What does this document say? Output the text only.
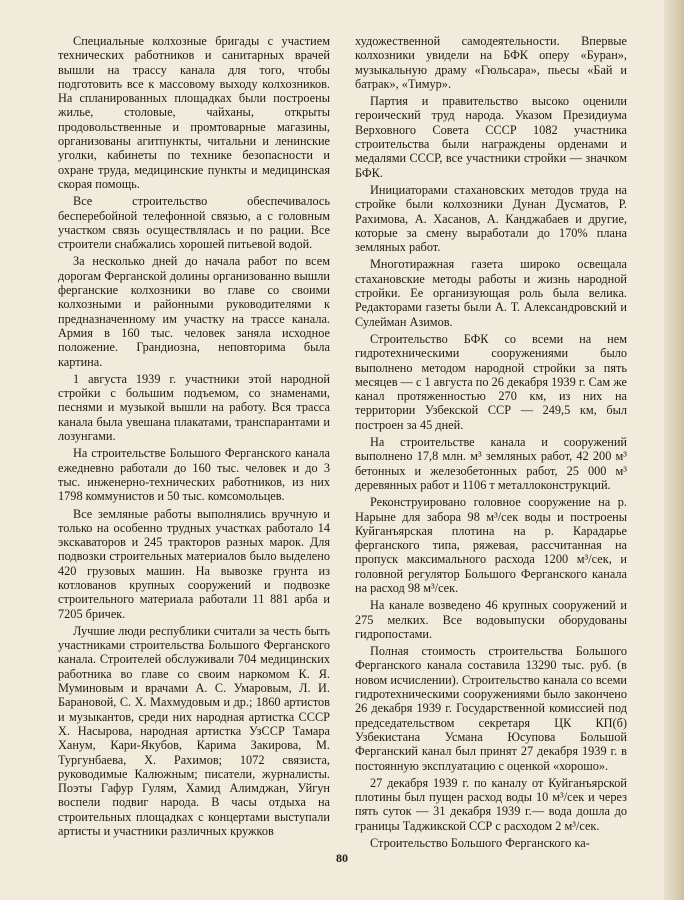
Специальные колхозные бригады с участием технических работников и санитарных врачей вышли на трассу канала для того, чтобы подготовить все к массовому выходу колхозников. На спланированных площадках были построены жилье, столовые, чайханы, открыты продовольственные и промтоварные магазины, организованы агитпункты, читальни и ленинские уголки, кабинеты по технике безопасности и охране труда, медицинские пункты и медицинская скорая помощь.

Все строительство обеспечивалось бесперебойной телефонной связью, а с головным участком связь осуществлялась и по рации. Все строители снабжались хорошей питьевой водой.

За несколько дней до начала работ по всем дорогам Ферганской долины организованно вышли ферганские колхозники во главе со своими колхозными и районными руководителями к предназначенному им участку на трассе канала. Армия в 160 тыс. человек заняла исходное положение. Грандиозна, неповторима была картина.

1 августа 1939 г. участники этой народной стройки с большим подъемом, со знаменами, песнями и музыкой вышли на работу. Вся трасса канала была увешана плакатами, транспарантами и лозунгами.

На строительстве Большого Ферганского канала ежедневно работали до 160 тыс. человек и до 3 тыс. инженерно-технических работников, из них 1798 коммунистов и 50 тыс. комсомольцев.

Все земляные работы выполнялись вручную и только на особенно трудных участках работало 14 экскаваторов и 245 тракторов разных марок. Для подвозки строительных материалов было выделено 420 грузовых машин. На вывозке грунта из котлованов крупных сооружений и подвозке строительного материала работали 11 881 арба и 7205 бричек.

Лучшие люди республики считали за честь быть участниками строительства Большого Ферганского канала. Строителей обслуживали 704 медицинских работника во главе со своим наркомом К. Я. Муминовым и врачами А. С. Умаровым, Л. И. Барановой, С. Х. Махмудовым и др.; 1860 артистов и музыкантов, среди них народная артистка СССР Х. Насырова, народная артистка УзССР Тамара Ханум, Кари-Якубов, Карима Закирова, М. Тургунбаева, Х. Рахимов; 1072 связиста, руководимые Калюжным; писатели, журналисты. Поэты Гафур Гулям, Хамид Алимджан, Уйгун воспели подвиг народа. В часы отдыха на строительных площадках с концертами выступали артисты и участники различных кружков

художественной самодеятельности. Впервые колхозники увидели на БФК оперу «Буран», музыкальную драму «Гюльсара», пьесы «Бай и батрак», «Тимур».

Партия и правительство высоко оценили героический труд народа. Указом Президиума Верховного Совета СССР 1082 участника строительства были награждены орденами и медалями СССР, все участники стройки — значком БФК.

Инициаторами стахановских методов труда на стройке были колхозники Дунан Дусматов, Р. Рахимова, А. Хасанов, А. Канджабаев и другие, которые за смену выработали до 170% плана земляных работ.

Многотиражная газета широко освещала стахановские методы работы и жизнь народной стройки. Ее организующая роль была велика. Редакторами газеты были А. Т. Александровский и Сулейман Азимов.

Строительство БФК со всеми на нем гидротехническими сооружениями было выполнено методом народной стройки за пять месяцев — с 1 августа по 26 декабря 1939 г. Сам же канал протяженностью 270 км, из них на территории Узбекской ССР — 249,5 км, был построен за 45 дней.

На строительстве канала и сооружений выполнено 17,8 млн. м³ земляных работ, 42 200 м³ бетонных и железобетонных работ, 25 000 м³ деревянных работ и 1106 т металлоконструкций.

Реконструировано головное сооружение на р. Нарыне для забора 98 м³/сек воды и построены Куйганъярская плотина на р. Карадарье ферганского типа, ряжевая, рассчитанная на пропуск максимального расхода 1200 м³/сек, и головной регулятор Большого Ферганского канала на расход 98 м³/сек.

На канале возведено 46 крупных сооружений и 275 мелких. Все водовыпуски оборудованы гидропостами.

Полная стоимость строительства Большого Ферганского канала составила 13290 тыс. руб. (в новом исчислении). Строительство канала со всеми гидротехническими сооружениями было закончено 26 декабря 1939 г. Государственной комиссией под председательством секретаря ЦК КП(б) Узбекистана Усмана Юсупова Большой Ферганский канал был принят 27 декабря 1939 г. в постоянную эксплуатацию с оценкой «хорошо».

27 декабря 1939 г. по каналу от Куйганъярской плотины был пущен расход воды 10 м³/сек и через пять суток — 31 декабря 1939 г.— вода дошла до границы Таджикской ССР с расходом 2 м³/сек.

Строительство Большого Ферганского ка-

80
